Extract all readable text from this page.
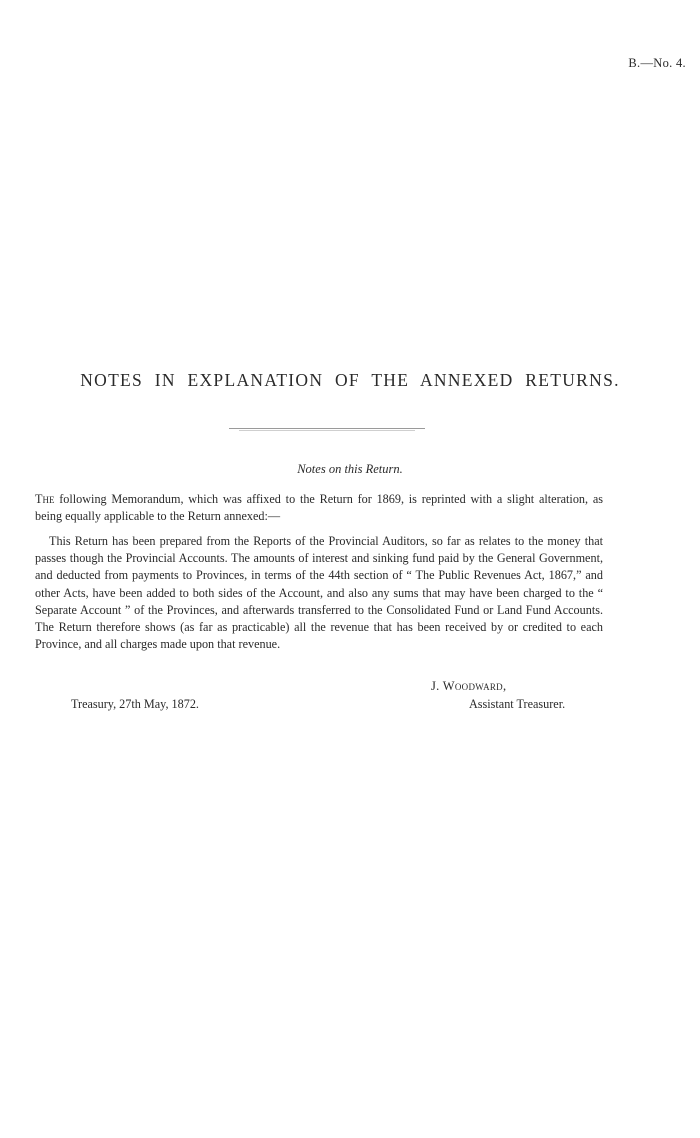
B.—No. 4.
NOTES IN EXPLANATION OF THE ANNEXED RETURNS.
Notes on this Return.

The following Memorandum, which was affixed to the Return for 1869, is reprinted with a slight alteration, as being equally applicable to the Return annexed:—

This Return has been prepared from the Reports of the Provincial Auditors, so far as relates to the money that passes though the Provincial Accounts. The amounts of interest and sinking fund paid by the General Government, and deducted from payments to Provinces, in terms of the 44th section of “ The Public Revenues Act, 1867,” and other Acts, have been added to both sides of the Account, and also any sums that may have been charged to the “ Separate Account ” of the Provinces, and afterwards transferred to the Consolidated Fund or Land Fund Accounts. The Return therefore shows (as far as practicable) all the revenue that has been received by or credited to each Province, and all charges made upon that revenue.

J. Woodward,
Treasury, 27th May, 1872.	Assistant Treasurer.
